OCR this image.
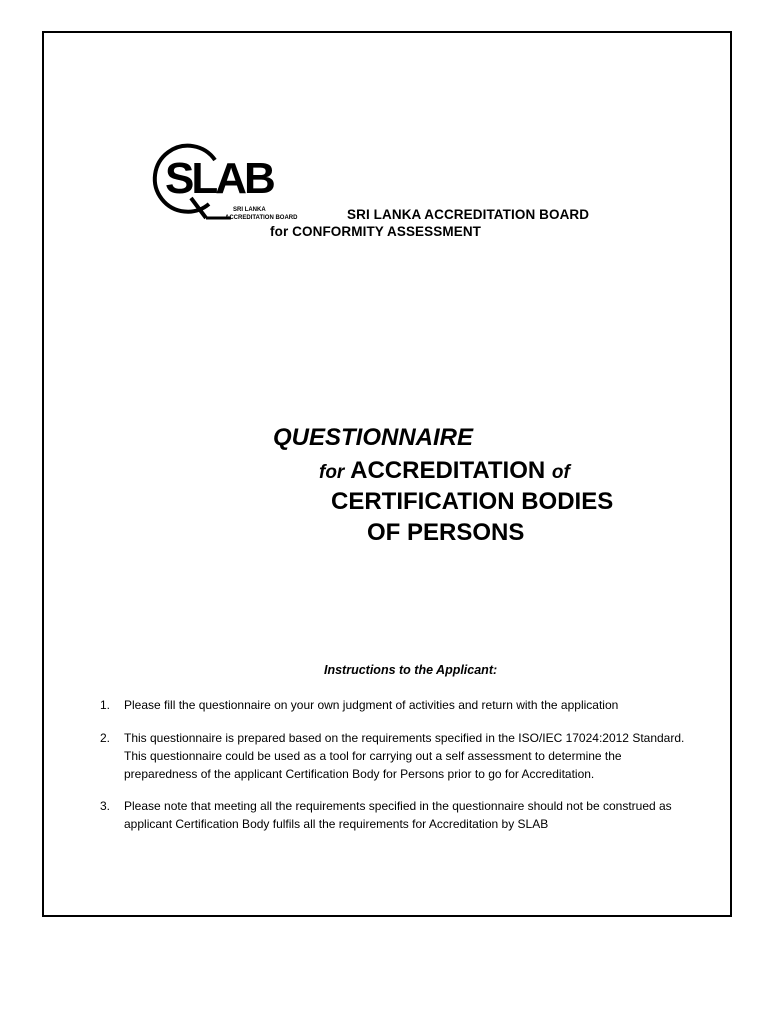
SLAB
SRI LANKA
ACCREDITATION BOARD	SRI LANKA ACCREDITATION BOARD
for CONFORMITY ASSESSMENT
QUESTIONNAIRE
for ACCREDITATION of
CERTIFICATION BODIES
OF PERSONS
Instructions to the Applicant:
1. Please fill the questionnaire on your own judgment of activities and return with the application
2. This questionnaire is prepared based on the requirements specified in the ISO/IEC 17024:2012 Standard.
This questionnaire could be used as a tool for carrying out a self assessment to determine the
preparedness of the applicant Certification Body for Persons prior to go for Accreditation.
3. Please note that meeting all the requirements specified in the questionnaire should not be construed as
applicant Certification Body fulfils all the requirements for Accreditation by SLAB
